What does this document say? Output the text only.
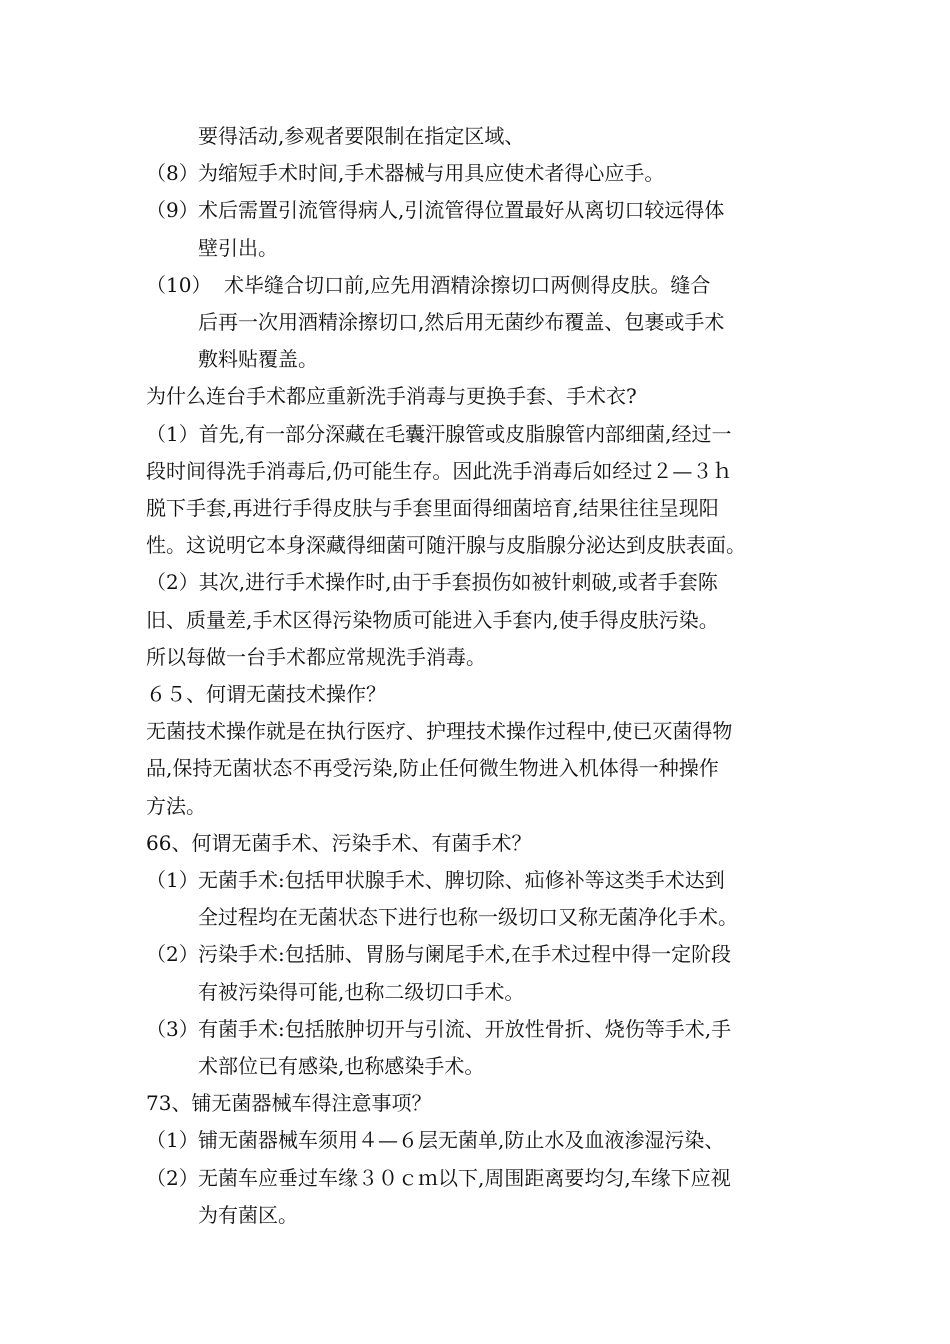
要得活动,参观者要限制在指定区域、

（8） 为缩短手术时间,手术器械与用具应使术者得心应手。
（9） 术后需置引流管得病人,引流管得位置最好从离切口较远得体
壁引出。
（10） 术毕缝合切口前,应先用酒精涂擦切口两侧得皮肤。缝合
后再一次用酒精涂擦切口,然后用无菌纱布覆盖、包裹或手术
敷料贴覆盖。

为什么连台手术都应重新洗手消毒与更换手套、手术衣?

（1）首先,有一部分深藏在毛囊汗腺管或皮脂腺管内部细菌,经过一

段时间得洗手消毒后,仍可能生存。因此洗手消毒后如经过２—３ｈ

脱下手套,再进行手得皮肤与手套里面得细菌培育,结果往往呈现阳

性。这说明它本身深藏得细菌可随汗腺与皮脂腺分泌达到皮肤表面。

（2）其次,进行手术操作时,由于手套损伤如被针刺破,或者手套陈

旧、质量差,手术区得污染物质可能进入手套内,使手得皮肤污染。

所以每做一台手术都应常规洗手消毒。

６５、何谓无菌技术操作？

无菌技术操作就是在执行医疗、护理技术操作过程中,使已灭菌得物

品,保持无菌状态不再受污染,防止任何微生物进入机体得一种操作

方法。

66、何谓无菌手术、污染手术、有菌手术？

（1） 无菌手术:包括甲状腺手术、脾切除、疝修补等这类手术达到
全过程均在无菌状态下进行也称一级切口又称无菌净化手术。
（2） 污染手术:包括肺、胃肠与阑尾手术,在手术过程中得一定阶段
有被污染得可能,也称二级切口手术。
（3） 有菌手术:包括脓肿切开与引流、开放性骨折、烧伤等手术,手
术部位已有感染,也称感染手术。

73、铺无菌器械车得注意事项？

（1） 铺无菌器械车须用４—６层无菌单,防止水及血液渗湿污染、
（2） 无菌车应垂过车缘３０ｃｍ以下,周围距离要均匀,车缘下应视
为有菌区。
